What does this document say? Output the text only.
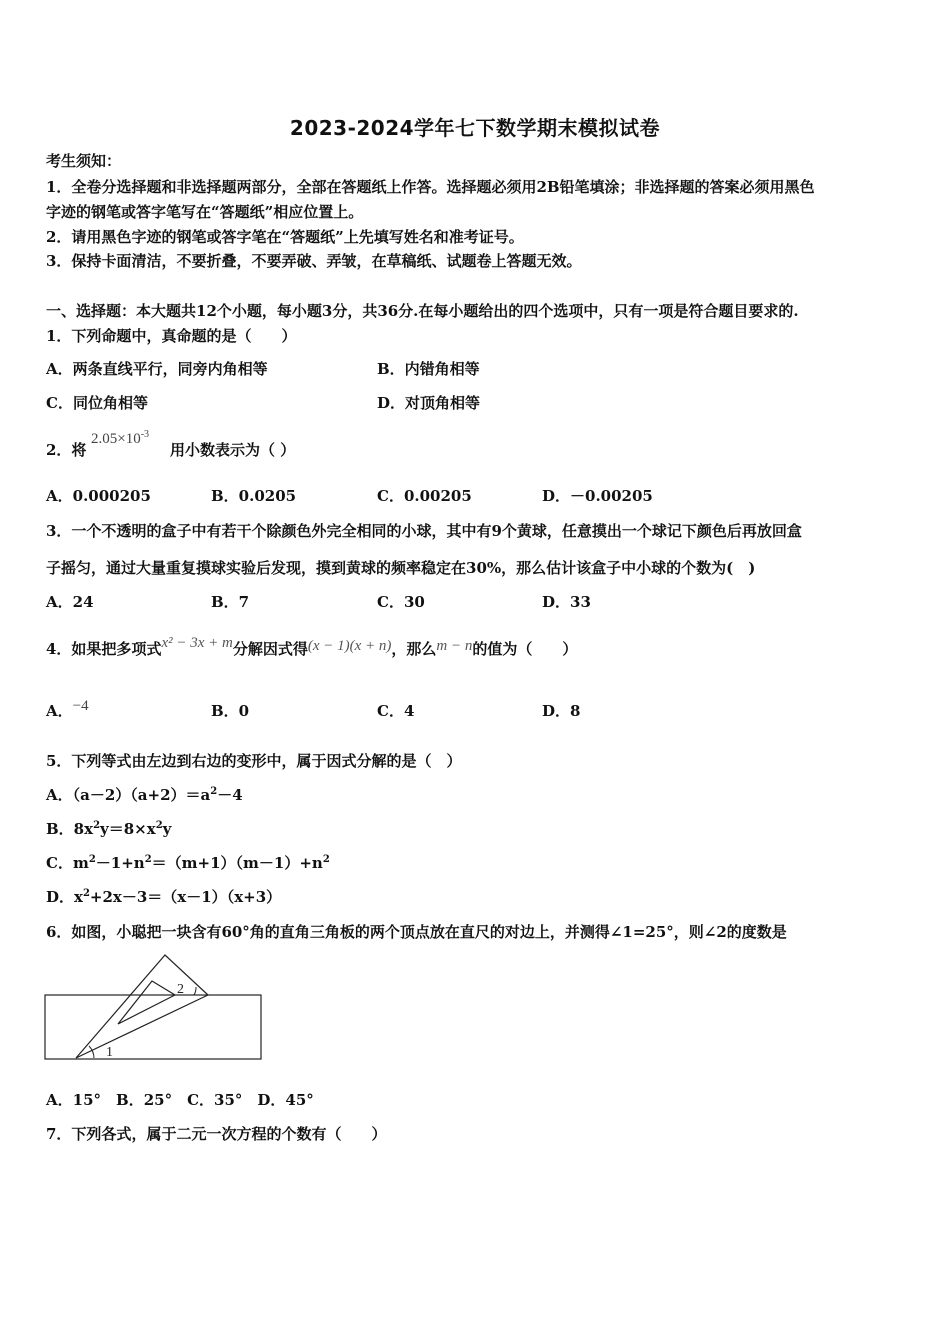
2023-2024学年七下数学期末模拟试卷
考生须知：
1．全卷分选择题和非选择题两部分，全部在答题纸上作答。选择题必须用2B铅笔填涂；非选择题的答案必须用黑色
字迹的钢笔或答字笔写在“答题纸”相应位置上。
2．请用黑色字迹的钢笔或答字笔在“答题纸”上先填写姓名和准考证号。
3．保持卡面清洁，不要折叠，不要弄破、弄皱，在草稿纸、试题卷上答题无效。
一、选择题：本大题共12个小题，每小题3分，共36分.在每小题给出的四个选项中，只有一项是符合题目要求的.
1．下列命题中，真命题的是（　　）
A．两条直线平行，同旁内角相等	B．内错角相等
C．同位角相等	D．对顶角相等
2．将
$2.05\times 10^{-3}$
用小数表示为（ ）
A．0.000205	B．0.0205	C．0.00205	D．－0.00205
3．一个不透明的盒子中有若干个除颜色外完全相同的小球，其中有9个黄球，任意摸出一个球记下颜色后再放回盒
子摇匀，通过大量重复摸球实验后发现，摸到黄球的频率稳定在30%，那么估计该盒子中小球的个数为(　)
A．24	B．7	C．30	D．33
4．如果把多项式x² − 3x + m分解因式得(x − 1)(x + n)，那么m − n的值为（　　）
A．−4	B．0	C．4	D．8
5．下列等式由左边到右边的变形中，属于因式分解的是（　）
A．$(a-2)(a+2)=a^2-4$
B．$8x^2y=8\times x^2y$
C．$m^2-1+n^2=(m+1)(m-1)+n^2$
D．$x^2+2x-3=(x-1)(x+3)$
6．如图，小聪把一块含有60°角的直角三角板的两个顶点放在直尺的对边上，并测得∠1=25°，则∠2的度数是
1
2
A．15°　B．25°　C．35°　D．45°
7．下列各式，属于二元一次方程的个数有（　　）
